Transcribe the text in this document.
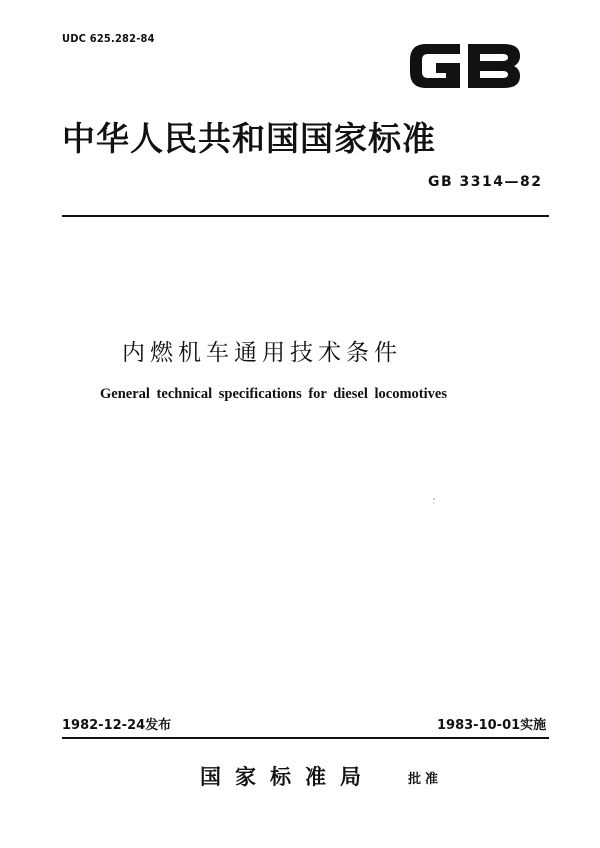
UDC 625.282-84
中华人民共和国国家标准
GB 3314—82
内燃机车通用技术条件
General technical specifications for diesel locomotives
1982-12-24发布	1983-10-01实施
国家标准局	批准
